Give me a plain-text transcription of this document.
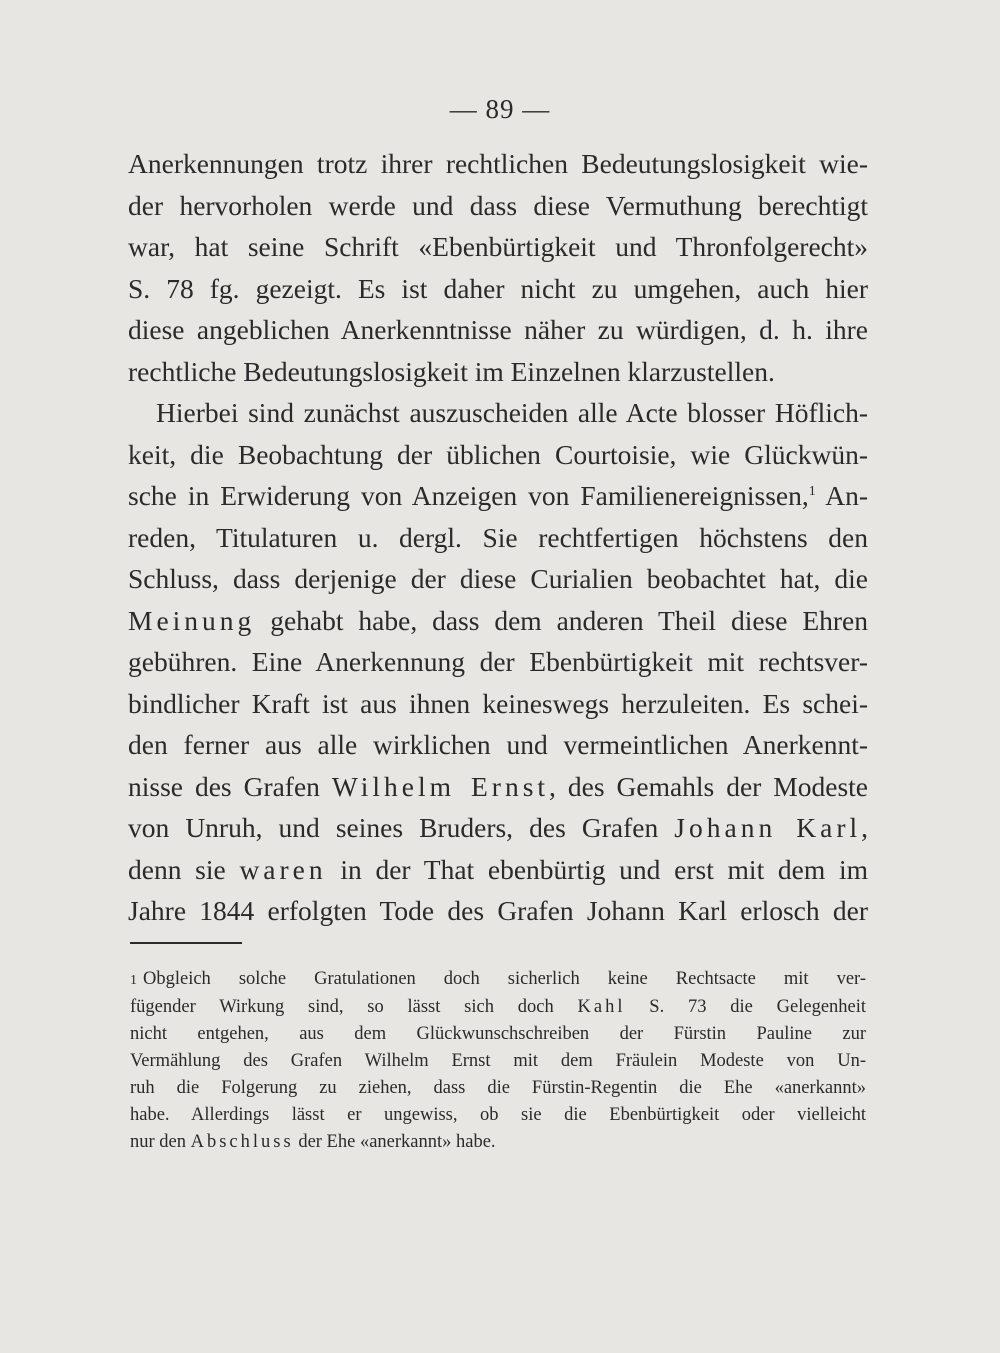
— 89 —
Anerkennungen trotz ihrer rechtlichen Bedeutungslosigkeit wie-
der hervorholen werde und dass diese Vermuthung berechtigt
war, hat seine Schrift «Ebenbürtigkeit und Thronfolgerecht»
S. 78 fg. gezeigt. Es ist daher nicht zu umgehen, auch hier
diese angeblichen Anerkenntnisse näher zu würdigen, d. h. ihre
rechtliche Bedeutungslosigkeit im Einzelnen klarzustellen.
Hierbei sind zunächst auszuscheiden alle Acte blosser Höflich-
keit, die Beobachtung der üblichen Courtoisie, wie Glückwün-
sche in Erwiderung von Anzeigen von Familienereignissen,$^1$ An-
reden, Titulaturen u. dergl. Sie rechtfertigen höchstens den
Schluss, dass derjenige der diese Curialien beobachtet hat, die
Meinung gehabt habe, dass dem anderen Theil diese Ehren
gebühren. Eine Anerkennung der Ebenbürtigkeit mit rechtsver-
bindlicher Kraft ist aus ihnen keineswegs herzuleiten. Es schei-
den ferner aus alle wirklichen und vermeintlichen Anerkennt-
nisse des Grafen Wilhelm Ernst, des Gemahls der Modeste
von Unruh, und seines Bruders, des Grafen Johann Karl,
denn sie waren in der That ebenbürtig und erst mit dem im
Jahre 1844 erfolgten Tode des Grafen Johann Karl erlosch der
1 Obgleich solche Gratulationen doch sicherlich keine Rechtsacte mit ver-
fügender Wirkung sind, so lässt sich doch Kahl S. 73 die Gelegenheit
nicht entgehen, aus dem Glückwunschschreiben der Fürstin Pauline zur
Vermählung des Grafen Wilhelm Ernst mit dem Fräulein Modeste von Un-
ruh die Folgerung zu ziehen, dass die Fürstin-Regentin die Ehe «anerkannt»
habe. Allerdings lässt er ungewiss, ob sie die Ebenbürtigkeit oder vielleicht
nur den Abschluss der Ehe «anerkannt» habe.
